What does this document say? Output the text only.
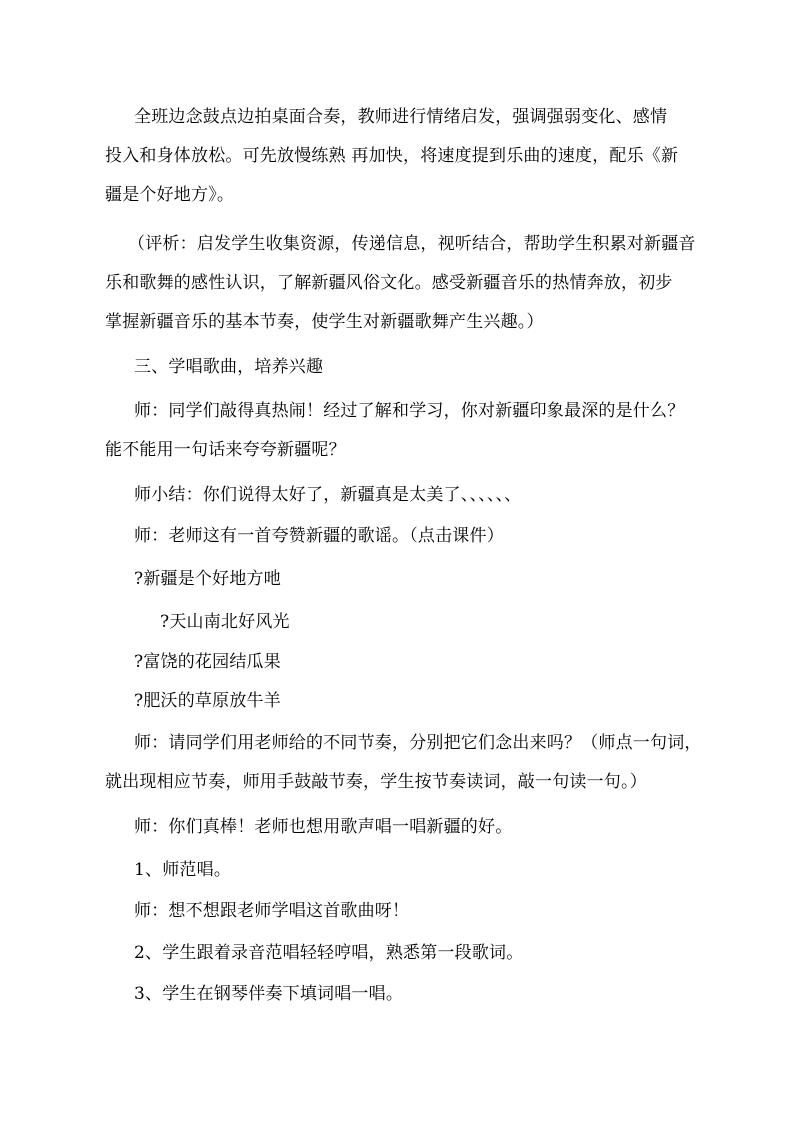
全班边念鼓点边拍桌面合奏，教师进行情绪启发，强调强弱变化、感情
投入和身体放松。可先放慢练熟 再加快，将速度提到乐曲的速度，配乐《新
疆是个好地方》。
（评析：启发学生收集资源，传递信息，视听结合，帮助学生积累对新疆音
乐和歌舞的感性认识，了解新疆风俗文化。感受新疆音乐的热情奔放，初步
掌握新疆音乐的基本节奏，使学生对新疆歌舞产生兴趣。）
三、学唱歌曲，培养兴趣
师：同学们敲得真热闹！经过了解和学习，你对新疆印象最深的是什么？
能不能用一句话来夸夸新疆呢？
师小结：你们说得太好了，新疆真是太美了、、、、、、
师：老师这有一首夸赞新疆的歌谣。（点击课件）
?新疆是个好地方吔
?天山南北好风光
?富饶的花园结瓜果
?肥沃的草原放牛羊
师：请同学们用老师给的不同节奏，分别把它们念出来吗？（师点一句词，
就出现相应节奏，师用手鼓敲节奏，学生按节奏读词，敲一句读一句。）
师：你们真棒！老师也想用歌声唱一唱新疆的好。
1、师范唱。
师：想不想跟老师学唱这首歌曲呀！
2、学生跟着录音范唱轻轻哼唱，熟悉第一段歌词。
3、学生在钢琴伴奏下填词唱一唱。
